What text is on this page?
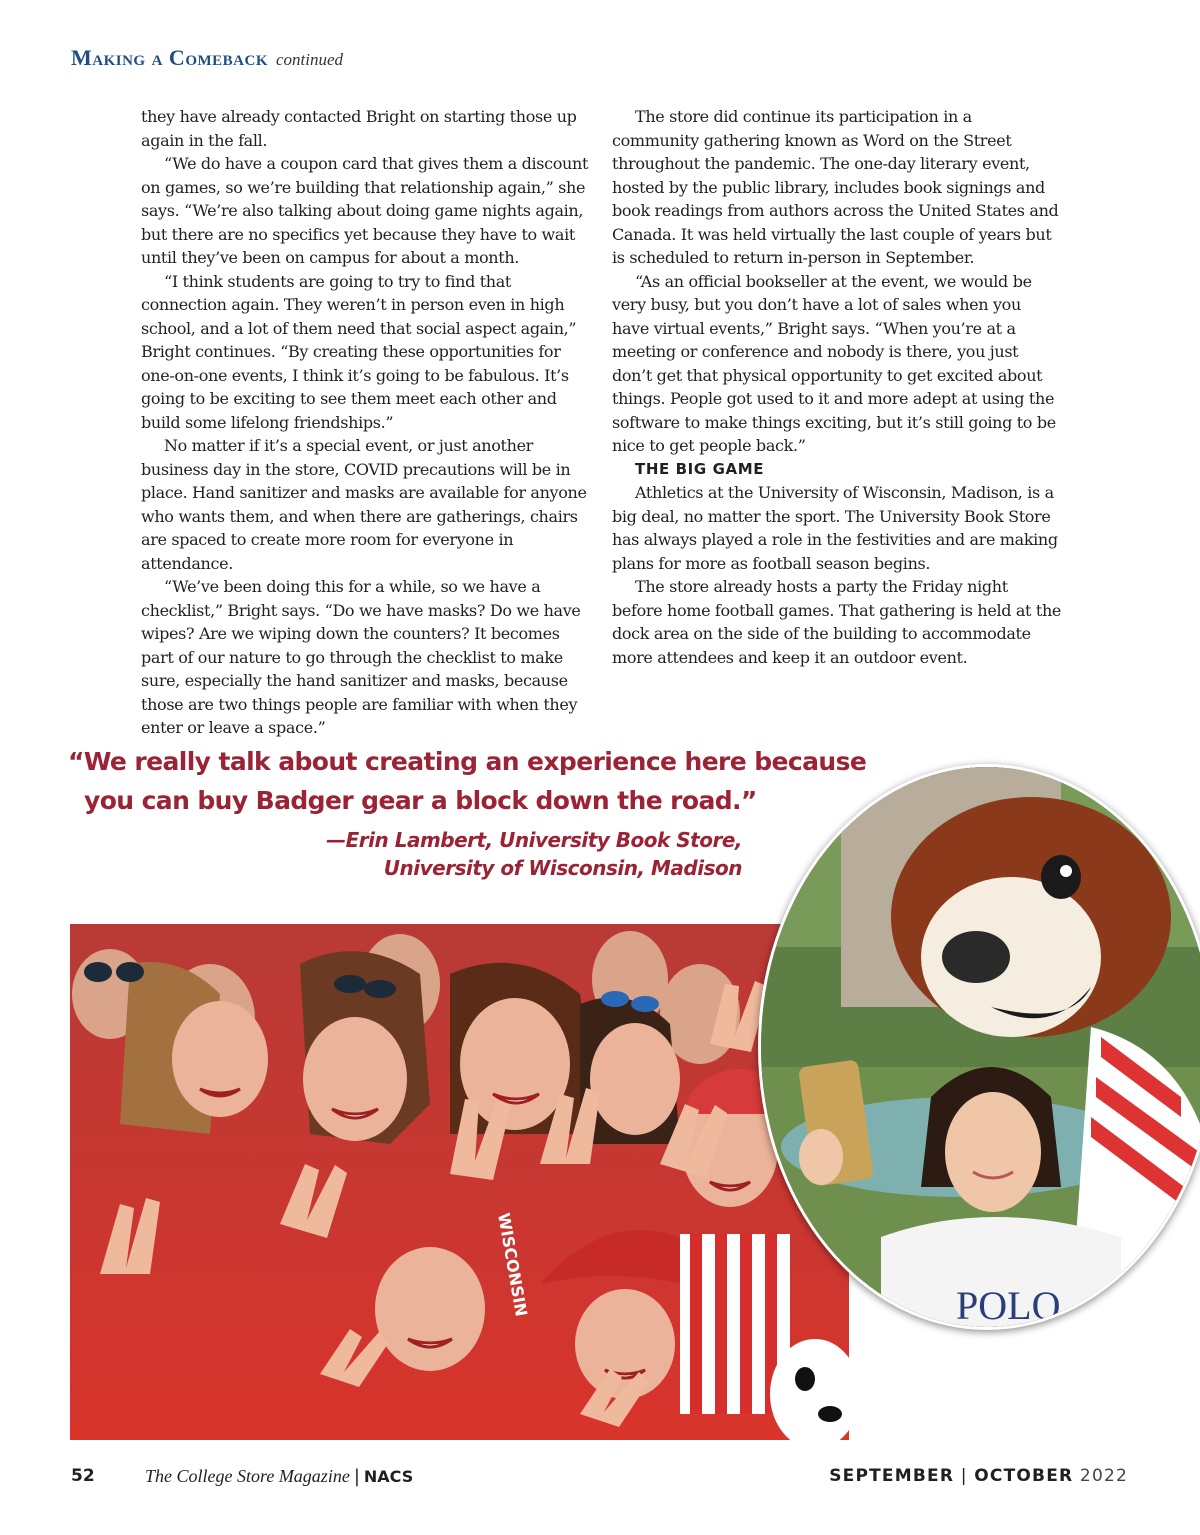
Making a Comeback continued

they have already contacted Bright on starting those up again in the fall.

“We do have a coupon card that gives them a discount on games, so we’re building that relationship again,” she says. “We’re also talking about doing game nights again, but there are no specifics yet because they have to wait until they’ve been on campus for about a month.

“I think students are going to try to find that connection again. They weren’t in person even in high school, and a lot of them need that social aspect again,” Bright continues. “By creating these opportunities for one-on-one events, I think it’s going to be fabulous. It’s going to be exciting to see them meet each other and build some lifelong friendships.”

No matter if it’s a special event, or just another business day in the store, COVID precautions will be in place. Hand sanitizer and masks are available for anyone who wants them, and when there are gatherings, chairs are spaced to create more room for everyone in attendance.

“We’ve been doing this for a while, so we have a checklist,” Bright says. “Do we have masks? Do we have wipes? Are we wiping down the counters? It becomes part of our nature to go through the checklist to make sure, especially the hand sanitizer and masks, because those are two things people are familiar with when they enter or leave a space.”

The store did continue its participation in a community gathering known as Word on the Street throughout the pandemic. The one-day literary event, hosted by the public library, includes book signings and book readings from authors across the United States and Canada. It was held virtually the last couple of years but is scheduled to return in-person in September.

“As an official bookseller at the event, we would be very busy, but you don’t have a lot of sales when you have virtual events,” Bright says. “When you’re at a meeting or conference and nobody is there, you just don’t get that physical opportunity to get excited about things. People got used to it and more adept at using the software to make things exciting, but it’s still going to be nice to get people back.”

THE BIG GAME

Athletics at the University of Wisconsin, Madison, is a big deal, no matter the sport. The University Book Store has always played a role in the festivities and are making plans for more as football season begins.

The store already hosts a party the Friday night before home football games. That gathering is held at the dock area on the side of the building to accommodate more attendees and keep it an outdoor event.

“We really talk about creating an experience here because
you can buy Badger gear a block down the road.”
—Erin Lambert, University Book Store,
University of Wisconsin, Madison
WISCONSIN	POLO
52	The College Store Magazine | NACS	SEPTEMBER | OCTOBER 2022
